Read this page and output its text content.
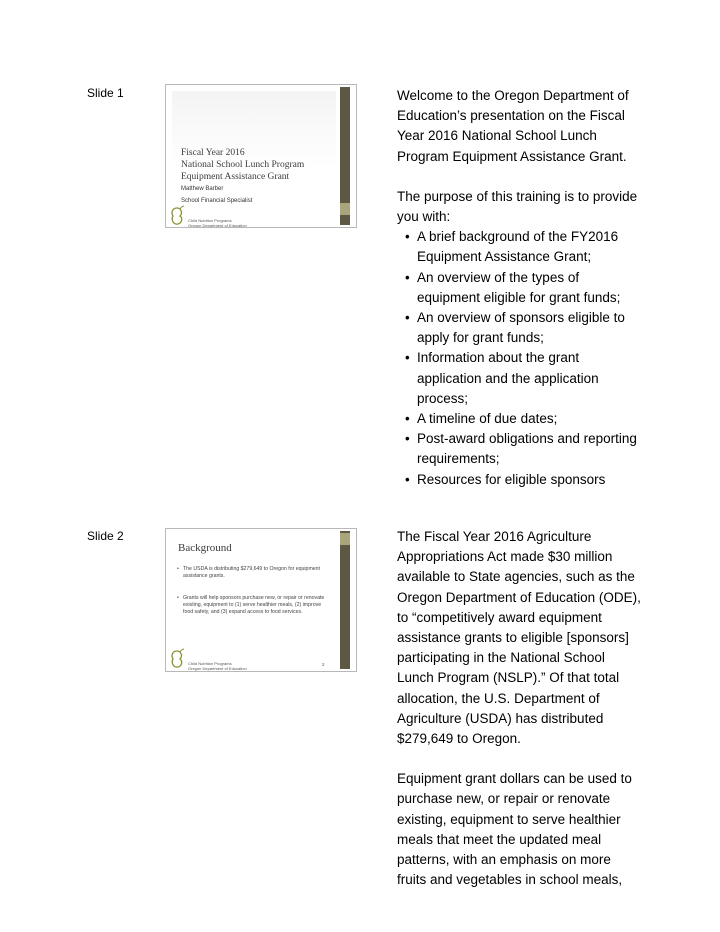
Slide 1
Fiscal Year 2016
National School Lunch Program
Equipment Assistance Grant
Matthew Barber
School Financial Specialist
Child Nutrition Programs
Oregon Department of Education

Welcome to the Oregon Department of Education’s presentation on the Fiscal Year 2016 National School Lunch Program Equipment Assistance Grant.

The purpose of this training is to provide you with:

• A brief background of the FY2016 Equipment Assistance Grant;
• An overview of the types of equipment eligible for grant funds;
• An overview of sponsors eligible to apply for grant funds;
• Information about the grant application and the application process;
• A timeline of due dates;
• Post-award obligations and reporting requirements;
• Resources for eligible sponsors
Slide 2
Background
• The USDA is distributing $279,649 to Oregon for equipment assistance grants.
• Grants will help sponsors purchase new, or repair or renovate existing, equipment to (1) serve healthier meals, (2) improve food safety, and (3) expand access to food services.
Child Nutrition Programs
Oregon Department of Education
2

The Fiscal Year 2016 Agriculture Appropriations Act made $30 million available to State agencies, such as the Oregon Department of Education (ODE), to “competitively award equipment assistance grants to eligible [sponsors] participating in the National School Lunch Program (NSLP).” Of that total allocation, the U.S. Department of Agriculture (USDA) has distributed $279,649 to Oregon.

Equipment grant dollars can be used to purchase new, or repair or renovate existing, equipment to serve healthier meals that meet the updated meal patterns, with an emphasis on more fruits and vegetables in school meals,
